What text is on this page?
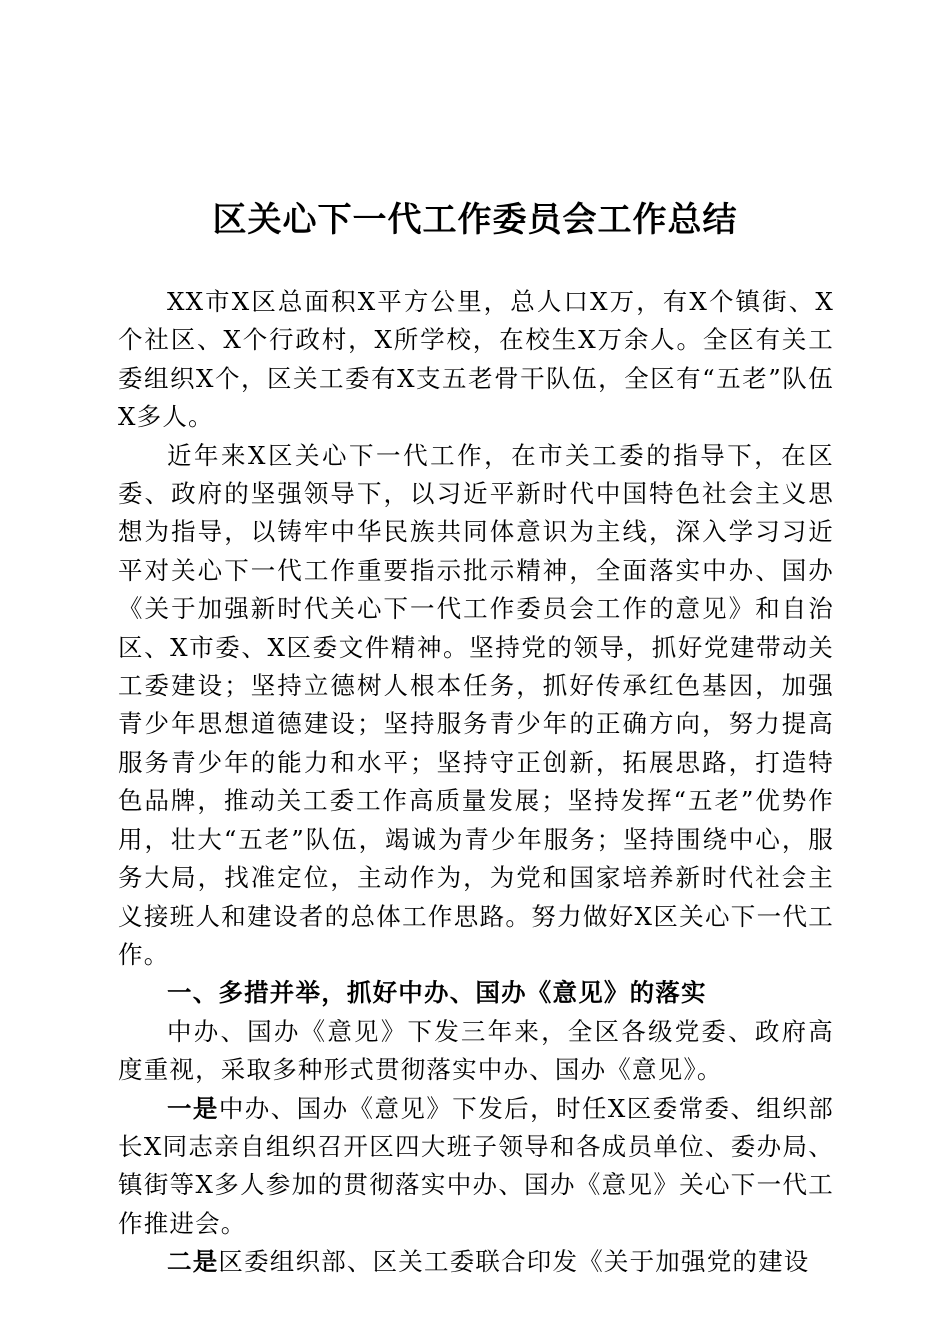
区关心下一代工作委员会工作总结

XX市X区总面积X平方公里，总人口X万，有X个镇街、X个社区、X个行政村，X所学校，在校生X万余人。全区有关工委组织X个，区关工委有X支五老骨干队伍，全区有“五老”队伍X多人。

近年来X区关心下一代工作，在市关工委的指导下，在区委、政府的坚强领导下，以习近平新时代中国特色社会主义思想为指导，以铸牢中华民族共同体意识为主线，深入学习习近平对关心下一代工作重要指示批示精神，全面落实中办、国办《关于加强新时代关心下一代工作委员会工作的意见》和自治区、X市委、X区委文件精神。坚持党的领导，抓好党建带动关工委建设；坚持立德树人根本任务，抓好传承红色基因，加强青少年思想道德建设；坚持服务青少年的正确方向，努力提高服务青少年的能力和水平；坚持守正创新，拓展思路，打造特色品牌，推动关工委工作高质量发展；坚持发挥“五老”优势作用，壮大“五老”队伍，竭诚为青少年服务；坚持围绕中心，服务大局，找准定位，主动作为，为党和国家培养新时代社会主义接班人和建设者的总体工作思路。努力做好X区关心下一代工作。

一、多措并举，抓好中办、国办《意见》的落实

中办、国办《意见》下发三年来，全区各级党委、政府高度重视，采取多种形式贯彻落实中办、国办《意见》。

一是中办、国办《意见》下发后，时任X区委常委、组织部长X同志亲自组织召开区四大班子领导和各成员单位、委办局、镇街等X多人参加的贯彻落实中办、国办《意见》关心下一代工作推进会。

二是区委组织部、区关工委联合印发《关于加强党的建设
